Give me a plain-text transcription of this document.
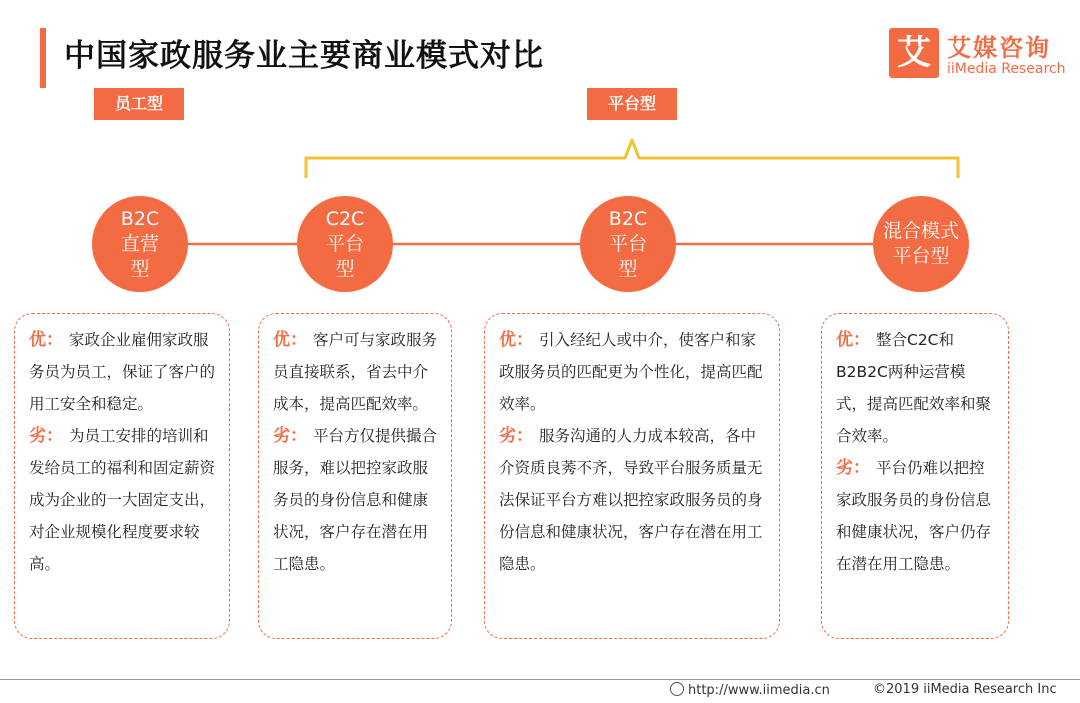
中国家政服务业主要商业模式对比	艾 艾媒咨询
iiMedia Research
员工型	平台型
B2C
直营
型
C2C
平台
型
B2C
平台
型
混合模式
平台型

优： 家政企业雇佣家政服务员为员工，保证了客户的用工安全和稳定。

劣： 为员工安排的培训和发给员工的福利和固定薪资成为企业的一大固定支出，对企业规模化程度要求较高。

优： 客户可与家政服务员直接联系，省去中介成本，提高匹配效率。

劣： 平台方仅提供撮合服务，难以把控家政服务员的身份信息和健康状况，客户存在潜在用工隐患。

优： 引入经纪人或中介，使客户和家政服务员的匹配更为个性化，提高匹配效率。

劣： 服务沟通的人力成本较高，各中介资质良莠不齐，导致平台服务质量无法保证平台方难以把控家政服务员的身份信息和健康状况，客户存在潜在用工隐患。

优： 整合C2C和B2B2C两种运营模式，提高匹配效率和聚合效率。

劣： 平台仍难以把控家政服务员的身份信息和健康状况，客户仍存在潜在用工隐患。

http://www.iimedia.cn	©2019 iiMedia Research Inc
